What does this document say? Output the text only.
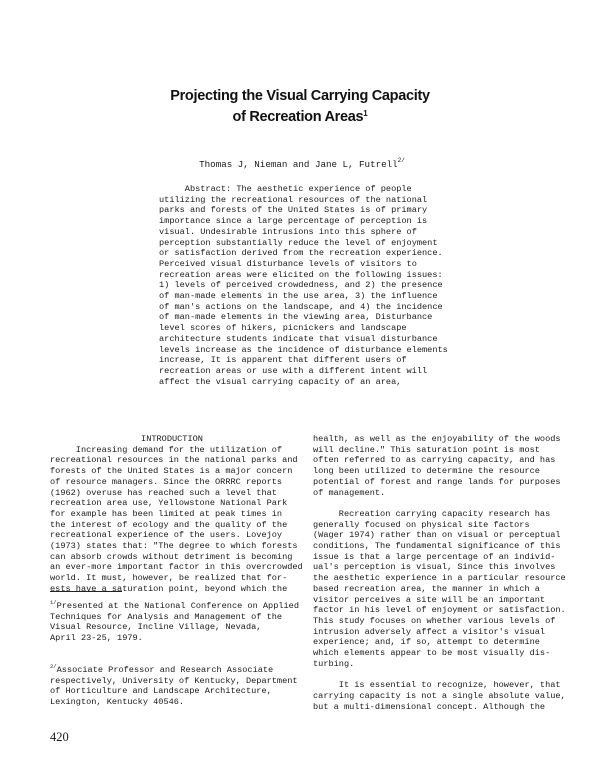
Projecting the Visual Carrying Capacity
of Recreation Areas$^1$
Thomas J, Nieman and Jane L, Futrell$^{2/}$
Abstract: The aesthetic experience of people
utilizing the recreational resources of the national
parks and forests of the United States is of primary
importance since a large percentage of perception is
visual. Undesirable intrusions into this sphere of
perception substantially reduce the level of enjoyment
or satisfaction derived from the recreation experience.
Perceived visual disturbance levels of visitors to
recreation areas were elicited on the following issues:
1) levels of perceived crowdedness, and 2) the presence
of man-made elements in the use area, 3) the influence
of man's actions on the landscape, and 4) the incidence
of man-made elements in the viewing area, Disturbance
level scores of hikers, picnickers and landscape
architecture students indicate that visual disturbance
levels increase as the incidence of disturbance elements
increase, It is apparent that different users of
recreation areas or use with a different intent will
affect the visual carrying capacity of an area,
INTRODUCTION
Increasing demand for the utilization of
recreational resources in the national parks and
forests of the United States is a major concern
of resource managers. Since the ORRRC reports
(1962) overuse has reached such a level that
recreation area use, Yellowstone National Park
for example has been limited at peak times in
the interest of ecology and the quality of the
recreational experience of the users. Lovejoy
(1973) states that: "The degree to which forests
can absorb crowds without detriment is becoming
an ever-more important factor in this overcrowded
world. It must, however, be realized that for-
ests have a saturation point, beyond which the
$^{1/}$Presented at the National Conference on Applied
Techniques for Analysis and Management of the
Visual Resource, Incline Village, Nevada,
April 23-25, 1979.
$^{2/}$Associate Professor and Research Associate
respectively, University of Kentucky, Department
of Horticulture and Landscape Architecture,
Lexington, Kentucky 40546.
health, as well as the enjoyability of the woods
will decline." This saturation point is most
often referred to as carrying capacity, and has
long been utilized to determine the resource
potential of forest and range lands for purposes
of management.
Recreation carrying capacity research has
generally focused on physical site factors
(Wager 1974) rather than on visual or perceptual
conditions, The fundamental significance of this
issue is that a large percentage of an individ-
ual's perception is visual, Since this involves
the aesthetic experience in a particular resource
based recreation area, the manner in which a
visitor perceives a site will be an important
factor in his level of enjoyment or satisfaction.
This study focuses on whether various levels of
intrusion adversely affect a visitor's visual
experience; and, if so, attempt to determine
which elements appear to be most visually dis-
turbing.
It is essential to recognize, however, that
carrying capacity is not a single absolute value,
but a multi-dimensional concept. Although the
420
